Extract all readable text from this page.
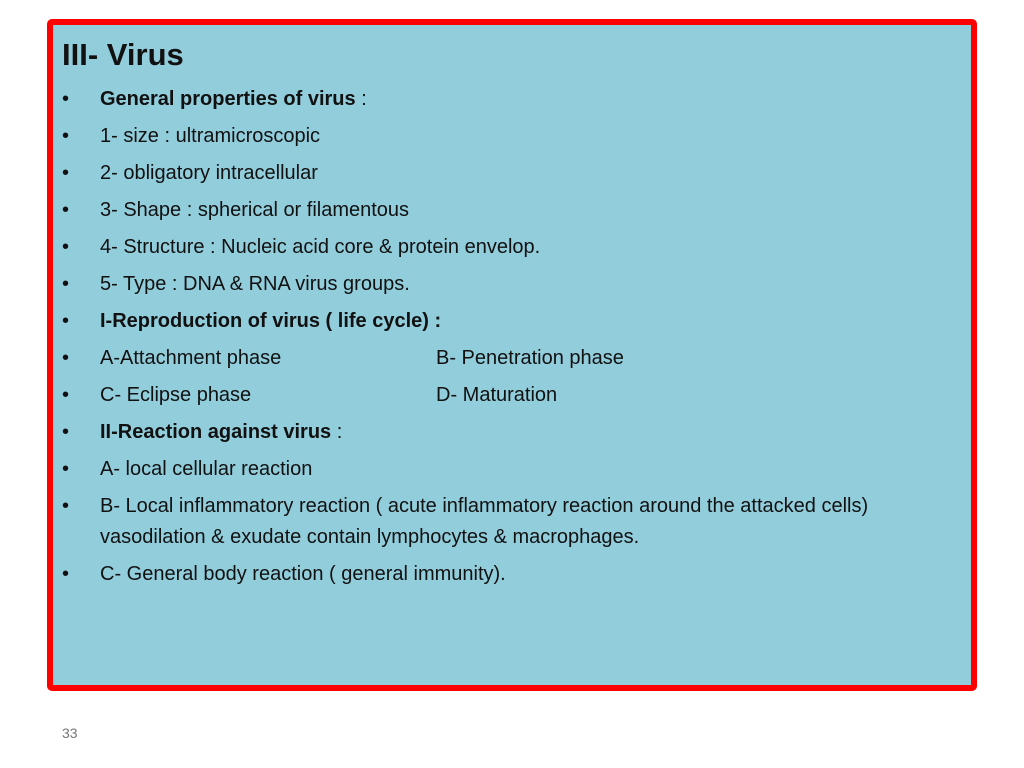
III- Virus
• General properties of virus :
• 1- size : ultramicroscopic
• 2- obligatory intracellular
• 3- Shape : spherical or filamentous
• 4- Structure : Nucleic acid core & protein envelop.
• 5- Type : DNA & RNA virus groups.
• I-Reproduction of virus ( life cycle) :
• A-Attachment phase	B- Penetration phase
• C- Eclipse phase	D- Maturation
• II-Reaction against virus :
• A- local cellular reaction
• B- Local inflammatory reaction ( acute inflammatory reaction around the attacked cells) vasodilation & exudate contain lymphocytes & macrophages.
• C- General body reaction ( general immunity).
33
